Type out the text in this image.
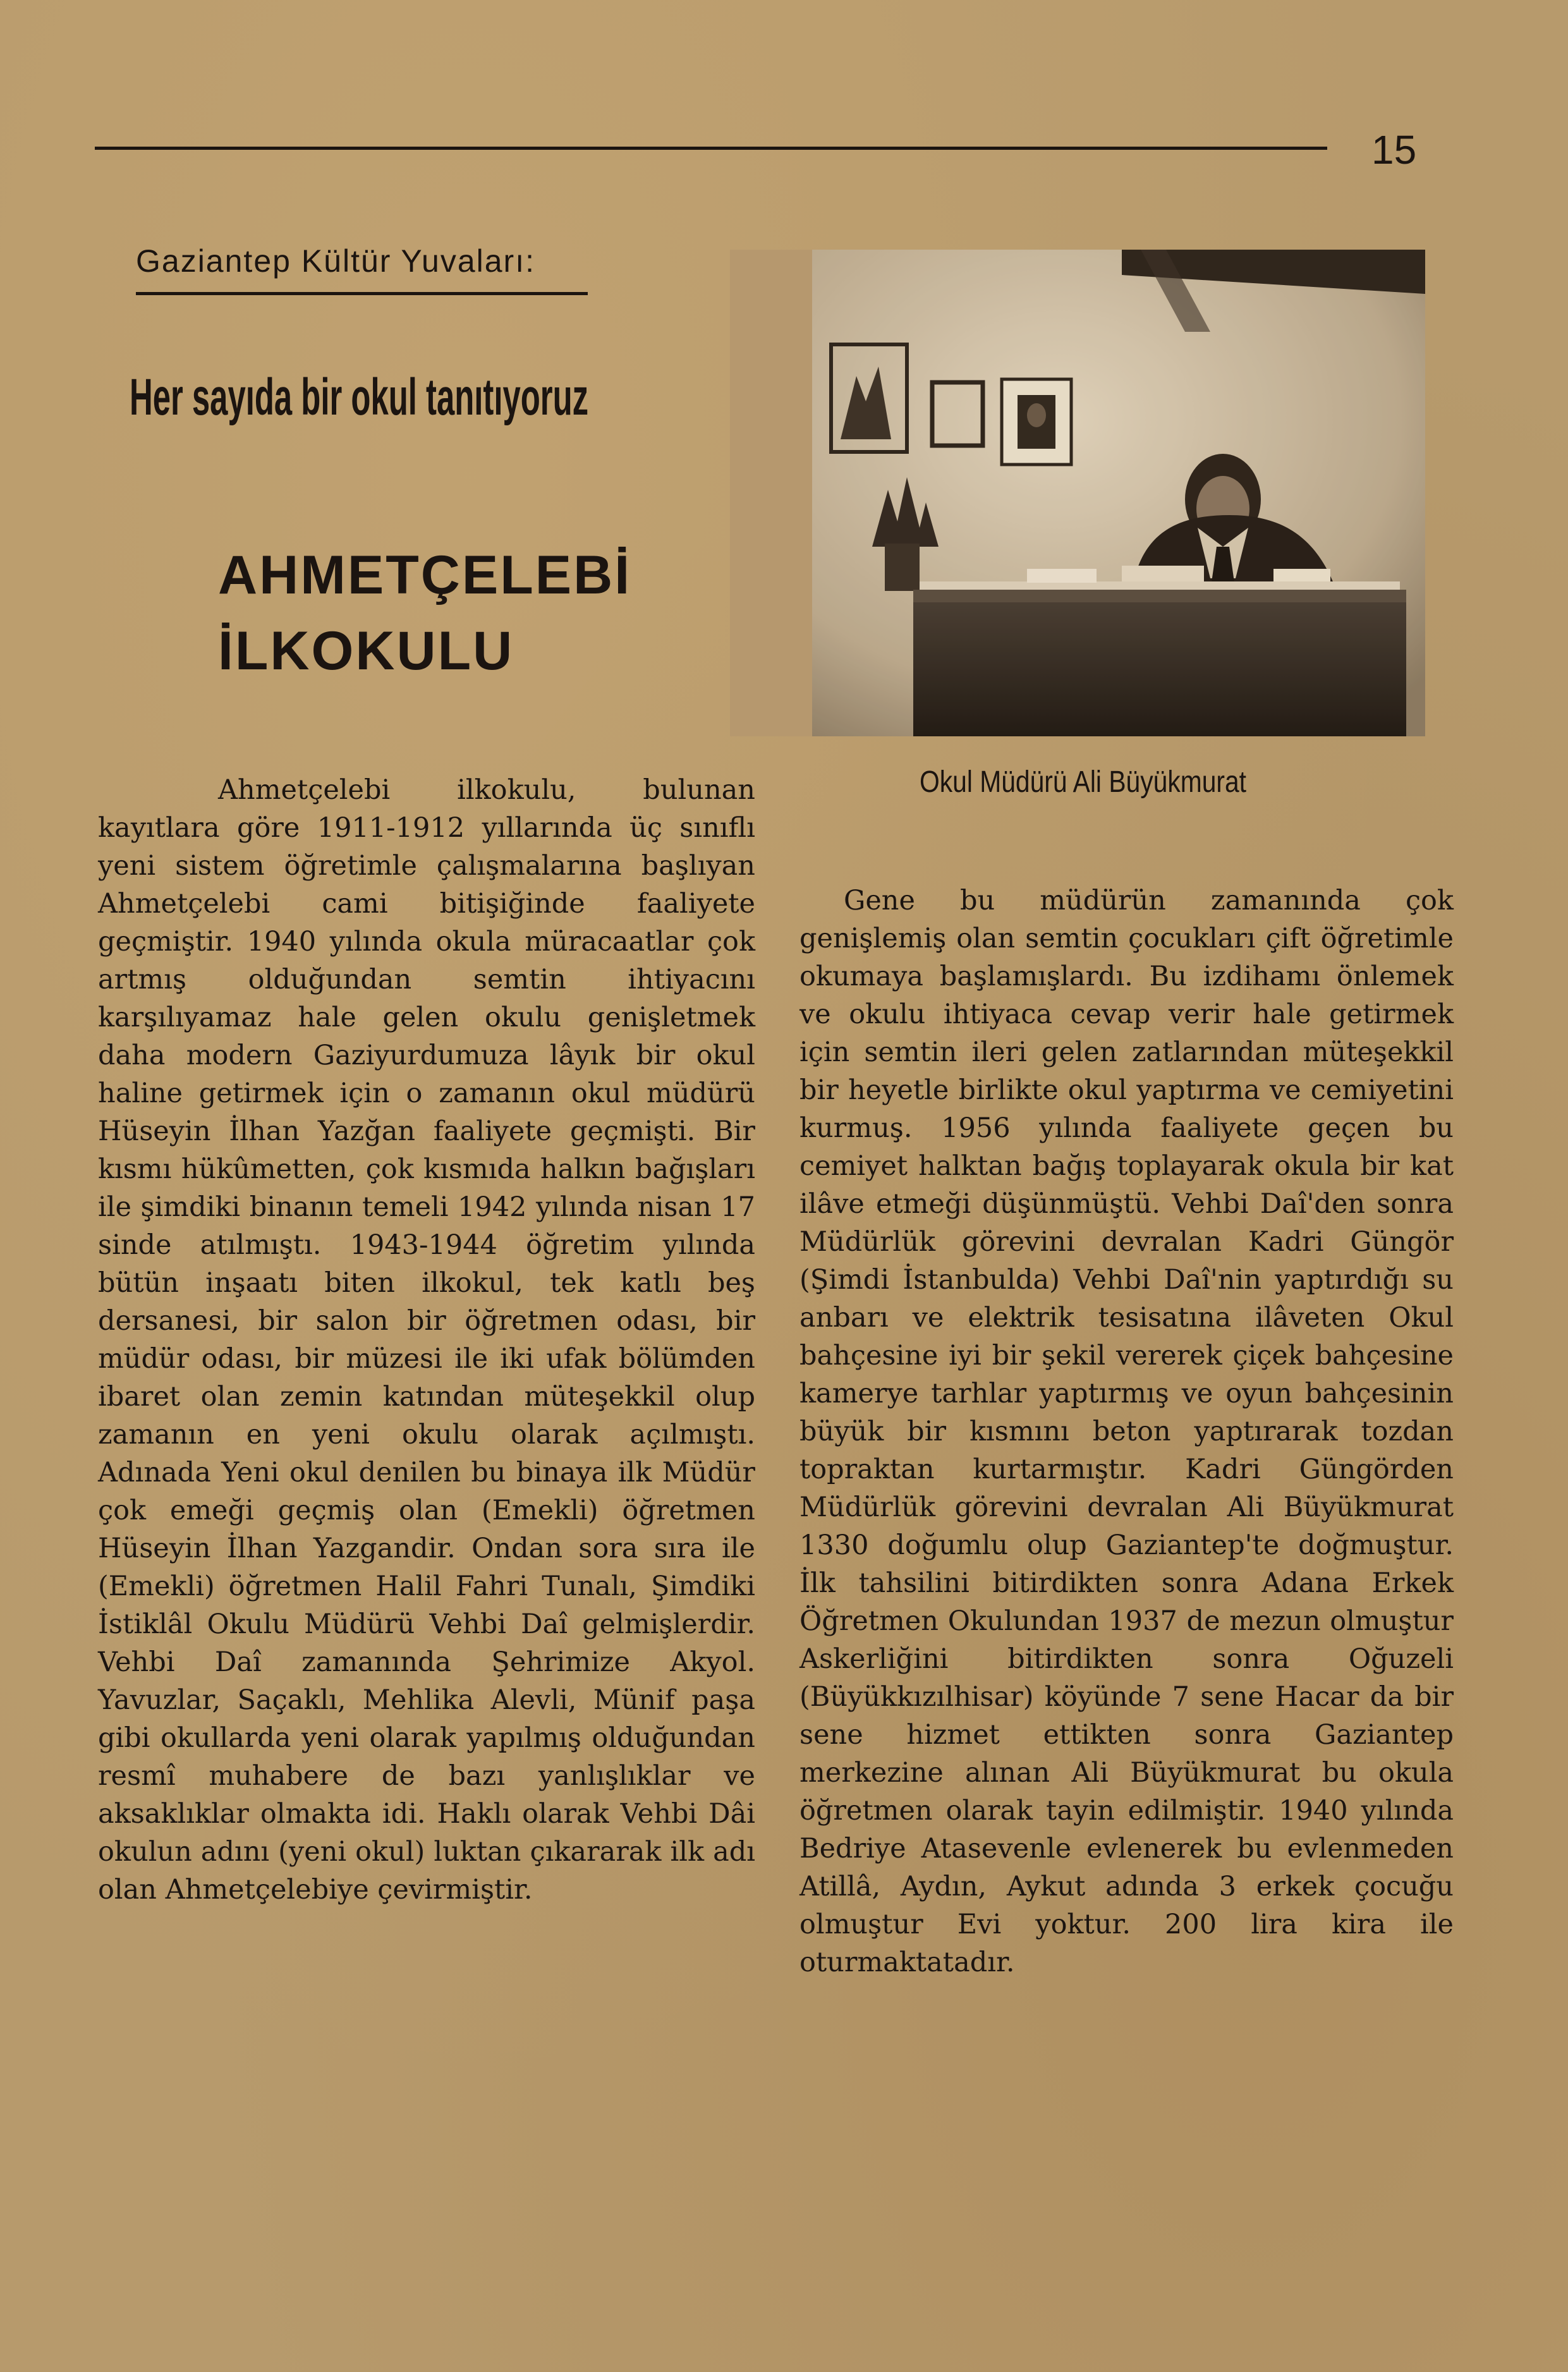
15
Gaziantep Kültür Yuvaları:
Her sayıda bir okul tanıtıyoruz
AHMETÇELEBİ
İLKOKULU
Okul Müdürü Ali Büyükmurat
Ahmetçelebi ilkokulu, bulunan kayıtlara göre 1911-1912 yıllarında üç sınıflı yeni sistem öğretimle çalışmalarına başlıyan Ahmetçelebi cami bitişiğinde faaliyete geçmiştir. 1940 yılında okula müracaatlar çok artmış olduğundan semtin ihtiyacını karşılıyamaz hale gelen okulu genişletmek daha modern Gaziyurdumuza lâyık bir okul haline getirmek için o zamanın okul müdürü Hüseyin İlhan Yazğan faaliyete geçmişti. Bir kısmı hükûmetten, çok kısmıda halkın bağışları ile şimdiki binanın temeli 1942 yılında nisan 17 sinde atılmıştı. 1943-1944 öğretim yılında bütün inşaatı biten ilkokul, tek katlı beş dersanesi, bir salon bir öğretmen odası, bir müdür odası, bir müzesi ile iki ufak bölümden ibaret olan zemin katından müteşekkil olup zamanın en yeni okulu olarak açılmıştı. Adınada Yeni okul denilen bu binaya ilk Müdür çok emeği geçmiş olan (Emekli) öğretmen Hüseyin İlhan Yazgandir. Ondan sora sıra ile (Emekli) öğretmen Halil Fahri Tunalı, Şimdiki İstiklâl Okulu Müdürü Vehbi Daî gelmişlerdir. Vehbi Daî zamanında Şehrimize Akyol. Yavuzlar, Saçaklı, Mehlika Alevli, Münif paşa gibi okullarda yeni olarak yapılmış olduğundan resmî muhabere de bazı yanlışlıklar ve aksaklıklar olmakta idi. Haklı olarak Vehbi Dâi okulun adını (yeni okul) luktan çıkararak ilk adı olan Ahmetçelebiye çevirmiştir.
Gene bu müdürün zamanında çok genişlemiş olan semtin çocukları çift öğretimle okumaya başlamışlardı. Bu izdihamı önlemek ve okulu ihtiyaca cevap verir hale getirmek için semtin ileri gelen zatlarından müteşekkil bir heyetle birlikte okul yaptırma ve cemiyetini kurmuş. 1956 yılında faaliyete geçen bu cemiyet halktan bağış toplayarak okula bir kat ilâve etmeği düşünmüştü. Vehbi Daî'den sonra Müdürlük görevini devralan Kadri Güngör (Şimdi İstanbulda) Vehbi Daî'nin yaptırdığı su anbarı ve elektrik tesisatına ilâveten Okul bahçesine iyi bir şekil vererek çiçek bahçesine kamerye tarhlar yaptırmış ve oyun bahçesinin büyük bir kısmını beton yaptırarak tozdan topraktan kurtarmıştır. Kadri Güngörden Müdürlük görevini devralan Ali Büyükmurat 1330 doğumlu olup Gaziantep'te doğmuştur. İlk tahsilini bitirdikten sonra Adana Erkek Öğretmen Okulundan 1937 de mezun olmuştur Askerliğini bitirdikten sonra Oğuzeli (Büyükkızılhisar) köyünde 7 sene Hacar da bir sene hizmet ettikten sonra Gaziantep merkezine alınan Ali Büyükmurat bu okula öğretmen olarak tayin edilmiştir. 1940 yılında Bedriye Atasevenle evlenerek bu evlenmeden Atillâ, Aydın, Aykut adında 3 erkek çocuğu olmuştur Evi yoktur. 200 lira kira ile oturmaktatadır.
